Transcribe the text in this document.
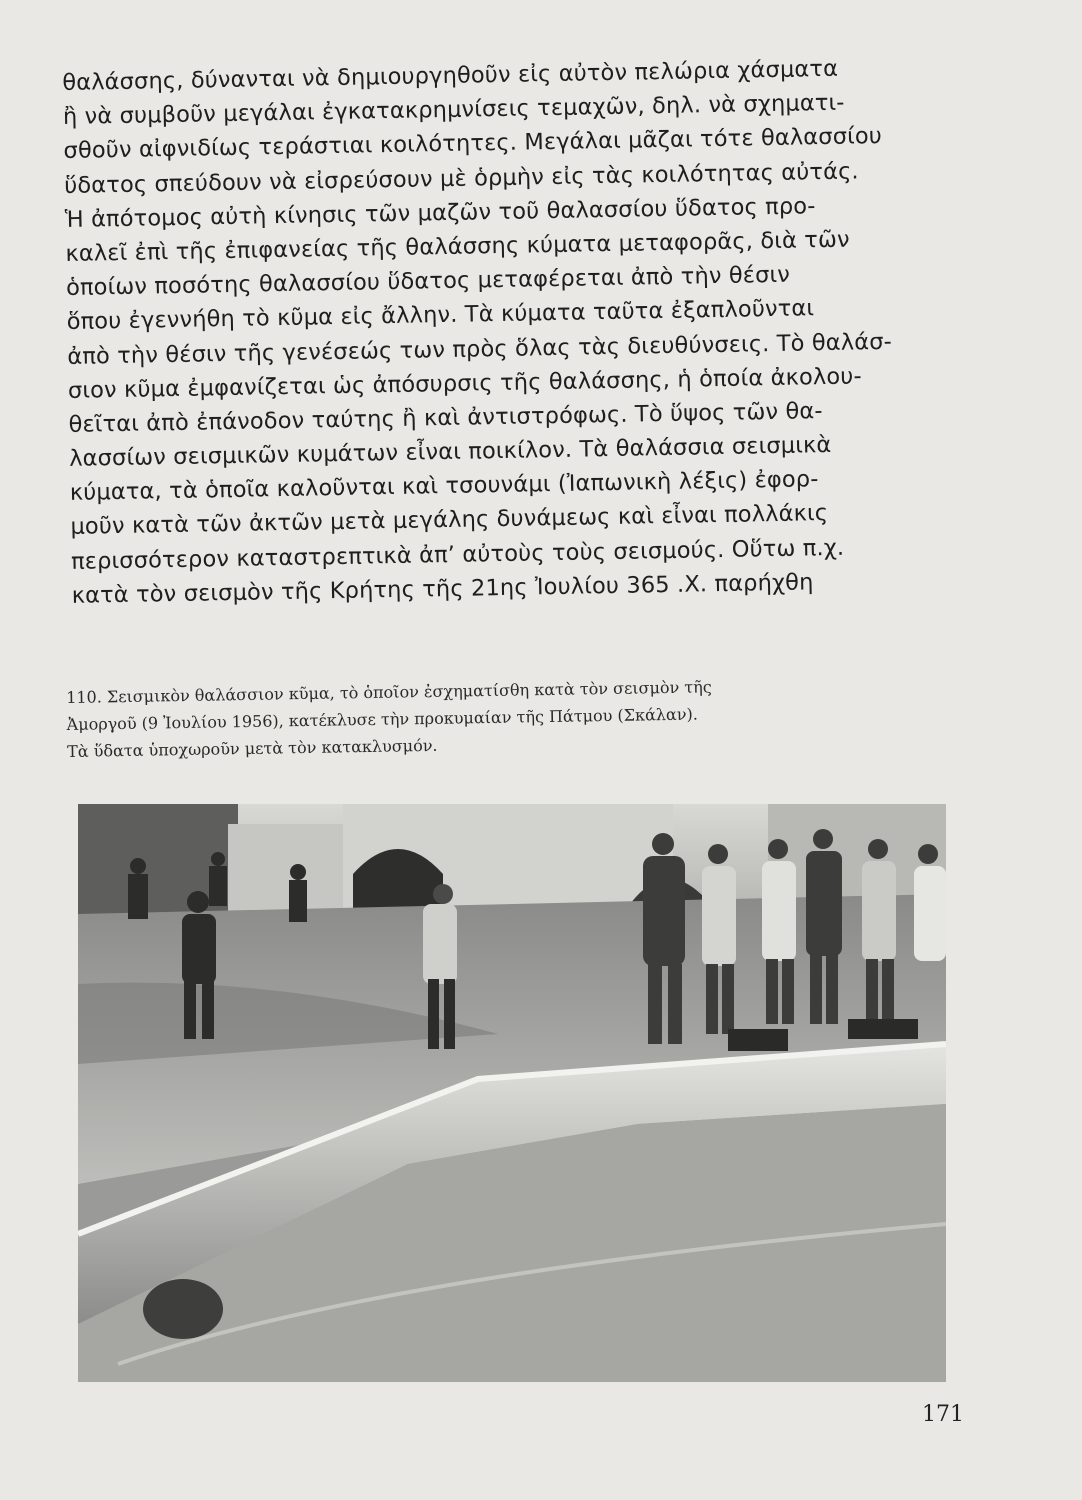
θαλάσσης, δύνανται νὰ δημιουργηθοῦν εἰς αὐτὸν πελώρια χάσματα
ἢ νὰ συμβοῦν μεγάλαι ἐγκατακρημνίσεις τεμαχῶν, δηλ. νὰ σχηματι-
σθοῦν αἰφνιδίως τεράστιαι κοιλότητες. Μεγάλαι μᾶζαι τότε θαλασσίου
ὕδατος σπεύδουν νὰ εἰσρεύσουν μὲ ὁρμὴν εἰς τὰς κοιλότητας αὐτάς.
Ἡ ἀπότομος αὐτὴ κίνησις τῶν μαζῶν τοῦ θαλασσίου ὕδατος προ-
καλεῖ ἐπὶ τῆς ἐπιφανείας τῆς θαλάσσης κύματα μεταφορᾶς, διὰ τῶν
ὁποίων ποσότης θαλασσίου ὕδατος μεταφέρεται ἀπὸ τὴν θέσιν
ὅπου ἐγεννήθη τὸ κῦμα εἰς ἄλλην. Τὰ κύματα ταῦτα ἐξαπλοῦνται
ἀπὸ τὴν θέσιν τῆς γενέσεώς των πρὸς ὅλας τὰς διευθύνσεις. Τὸ θαλάσ-
σιον κῦμα ἐμφανίζεται ὡς ἀπόσυρσις τῆς θαλάσσης, ἡ ὁποία ἀκολου-
θεῖται ἀπὸ ἐπάνοδον ταύτης ἢ καὶ ἀντιστρόφως. Τὸ ὕψος τῶν θα-
λασσίων σεισμικῶν κυμάτων εἶναι ποικίλον. Τὰ θαλάσσια σεισμικὰ
κύματα, τὰ ὁποῖα καλοῦνται καὶ τσουνάμι (Ἰαπωνικὴ λέξις) ἐφορ-
μοῦν κατὰ τῶν ἀκτῶν μετὰ μεγάλης δυνάμεως καὶ εἶναι πολλάκις
περισσότερον καταστρεπτικὰ ἀπ’ αὐτοὺς τοὺς σεισμούς. Οὕτω π.χ.
κατὰ τὸν σεισμὸν τῆς Κρήτης τῆς 21ης Ἰουλίου 365 .Χ. παρήχθη
110. Σεισμικὸν θαλάσσιον κῦμα, τὸ ὁποῖον ἐσχηματίσθη κατὰ τὸν σεισμὸν τῆς
Ἀμοργοῦ (9 Ἰουλίου 1956), κατέκλυσε τὴν προκυμαίαν τῆς Πάτμου (Σκάλαν).
Τὰ ὕδατα ὑποχωροῦν μετὰ τὸν κατακλυσμόν.
171
